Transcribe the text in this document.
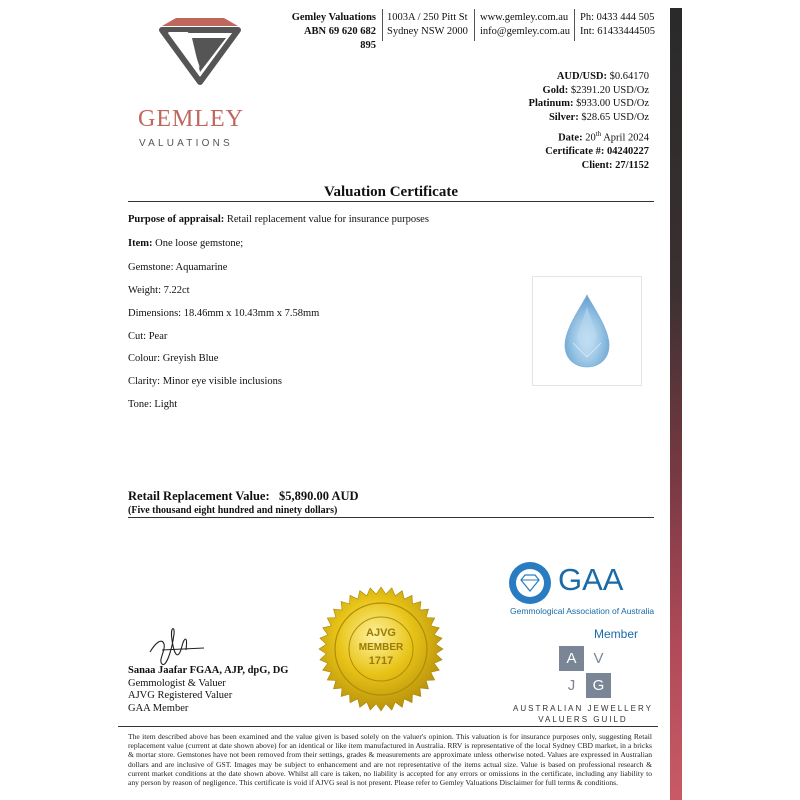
GEMLEY
VALUATIONS
Gemley Valuations
ABN 69 620 682 895
1003A / 250 Pitt St
Sydney NSW 2000
www.gemley.com.au
info@gemley.com.au
Ph: 0433 444 505
Int: 61433444505
AUD/USD: $0.64170
Gold: $2391.20 USD/Oz
Platinum: $933.00 USD/Oz
Silver: $28.65 USD/Oz
Date: 20th April 2024
Certificate #: 04240227
Client: 27/1152
Valuation Certificate
Purpose of appraisal: Retail replacement value for insurance purposes
Item: One loose gemstone;
Gemstone: Aquamarine
Weight: 7.22ct
Dimensions: 18.46mm x 10.43mm x 7.58mm
Cut: Pear
Colour: Greyish Blue
Clarity: Minor eye visible inclusions
Tone: Light
Retail Replacement Value: $5,890.00 AUD
(Five thousand eight hundred and ninety dollars)
Sanaa Jaafar FGAA, AJP, dpG, DG
Gemmologist & Valuer
AJVG Registered Valuer
GAA Member
AJVG
MEMBER
1717
GAA
Gemmological Association of Australia
Member
A	V
J	G
AUSTRALIAN JEWELLERY
VALUERS GUILD
The item described above has been examined and the value given is based solely on the valuer's opinion. This valuation is for insurance purposes only, suggesting Retail replacement value (current at date shown above) for an identical or like item manufactured in Australia. RRV is representative of the local Sydney CBD market, in a bricks & mortar store. Gemstones have not been removed from their settings, grades & measurements are approximate unless otherwise noted. Values are expressed in Australian dollars and are inclusive of GST. Images may be subject to enhancement and are not representative of the items actual size. Value is based on professional research & current market conditions at the date shown above. Whilst all care is taken, no liability is accepted for any errors or omissions in the certificate, including any liability to any person by reason of negligence. This certificate is void if AJVG seal is not present. Please refer to Gemley Valuations Disclaimer for full terms & conditions.
